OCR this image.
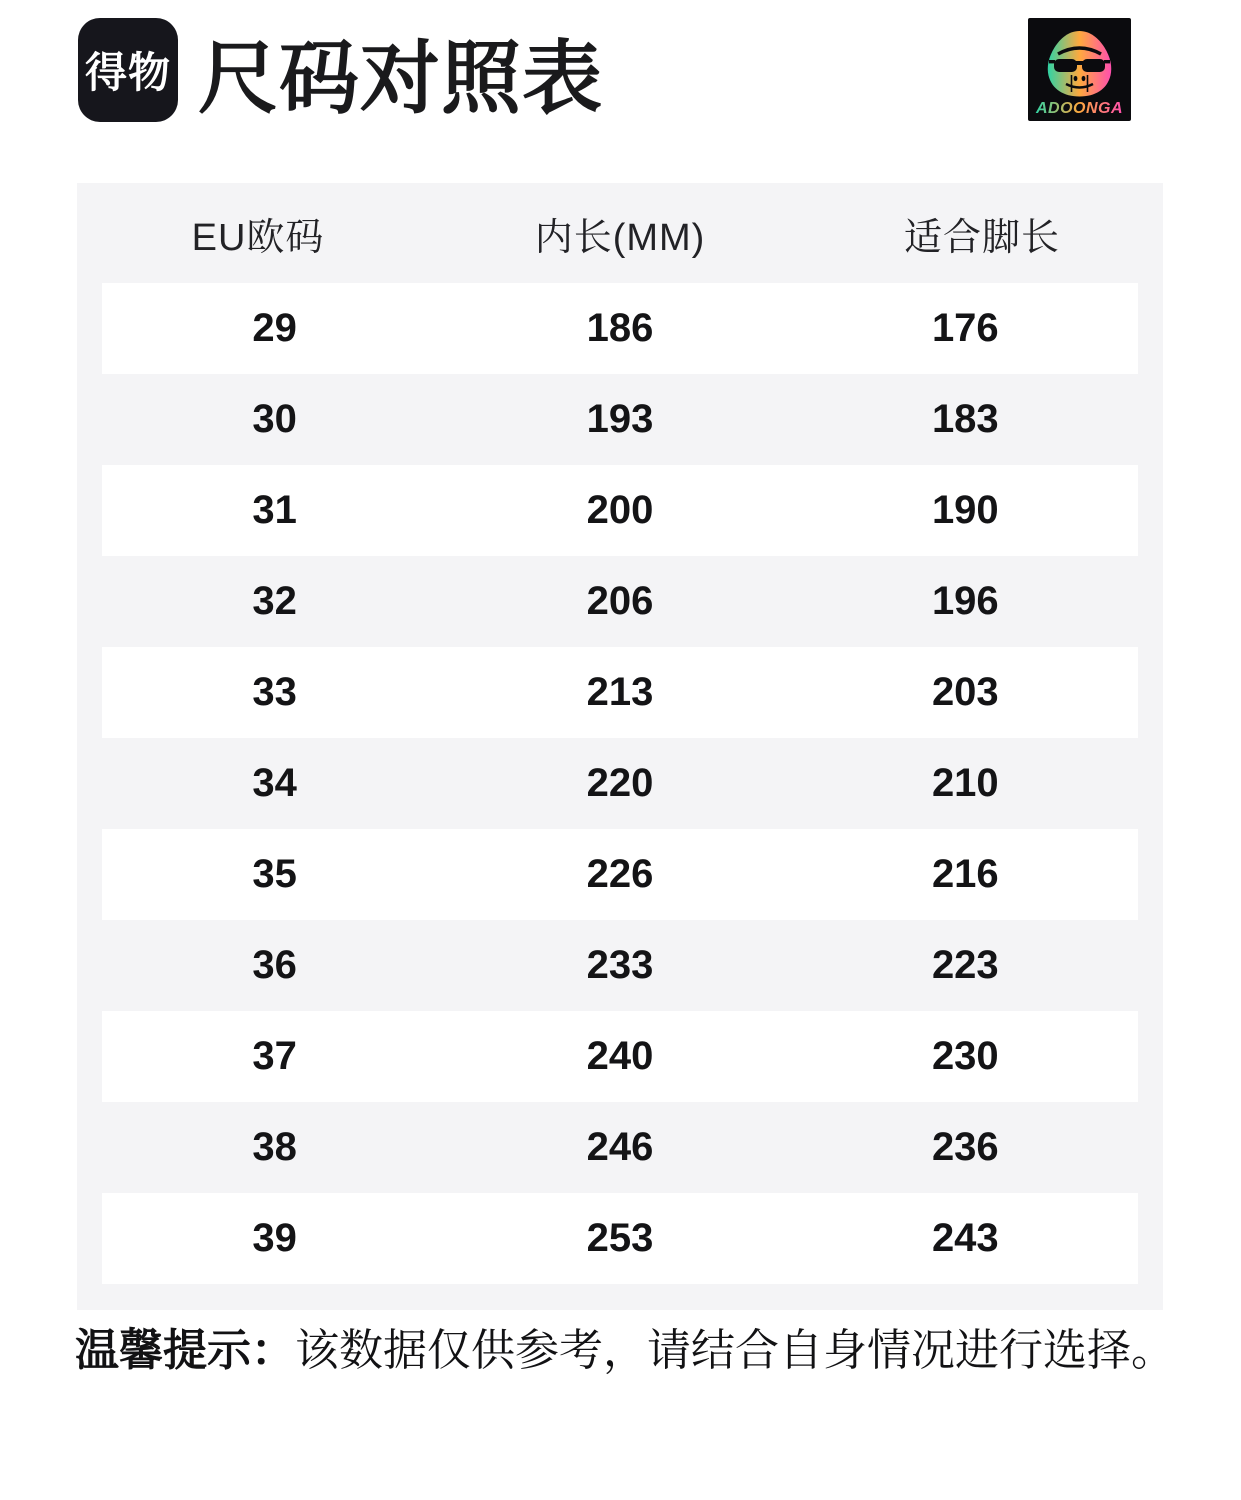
得物 尺码对照表	ADOONGA
EU欧码	内长(MM)	适合脚长
29	186	176
30	193	183
31	200	190
32	206	196
33	213	203
34	220	210
35	226	216
36	233	223
37	240	230
38	246	236
39	253	243
温馨提示：该数据仅供参考，请结合自身情况进行选择。
